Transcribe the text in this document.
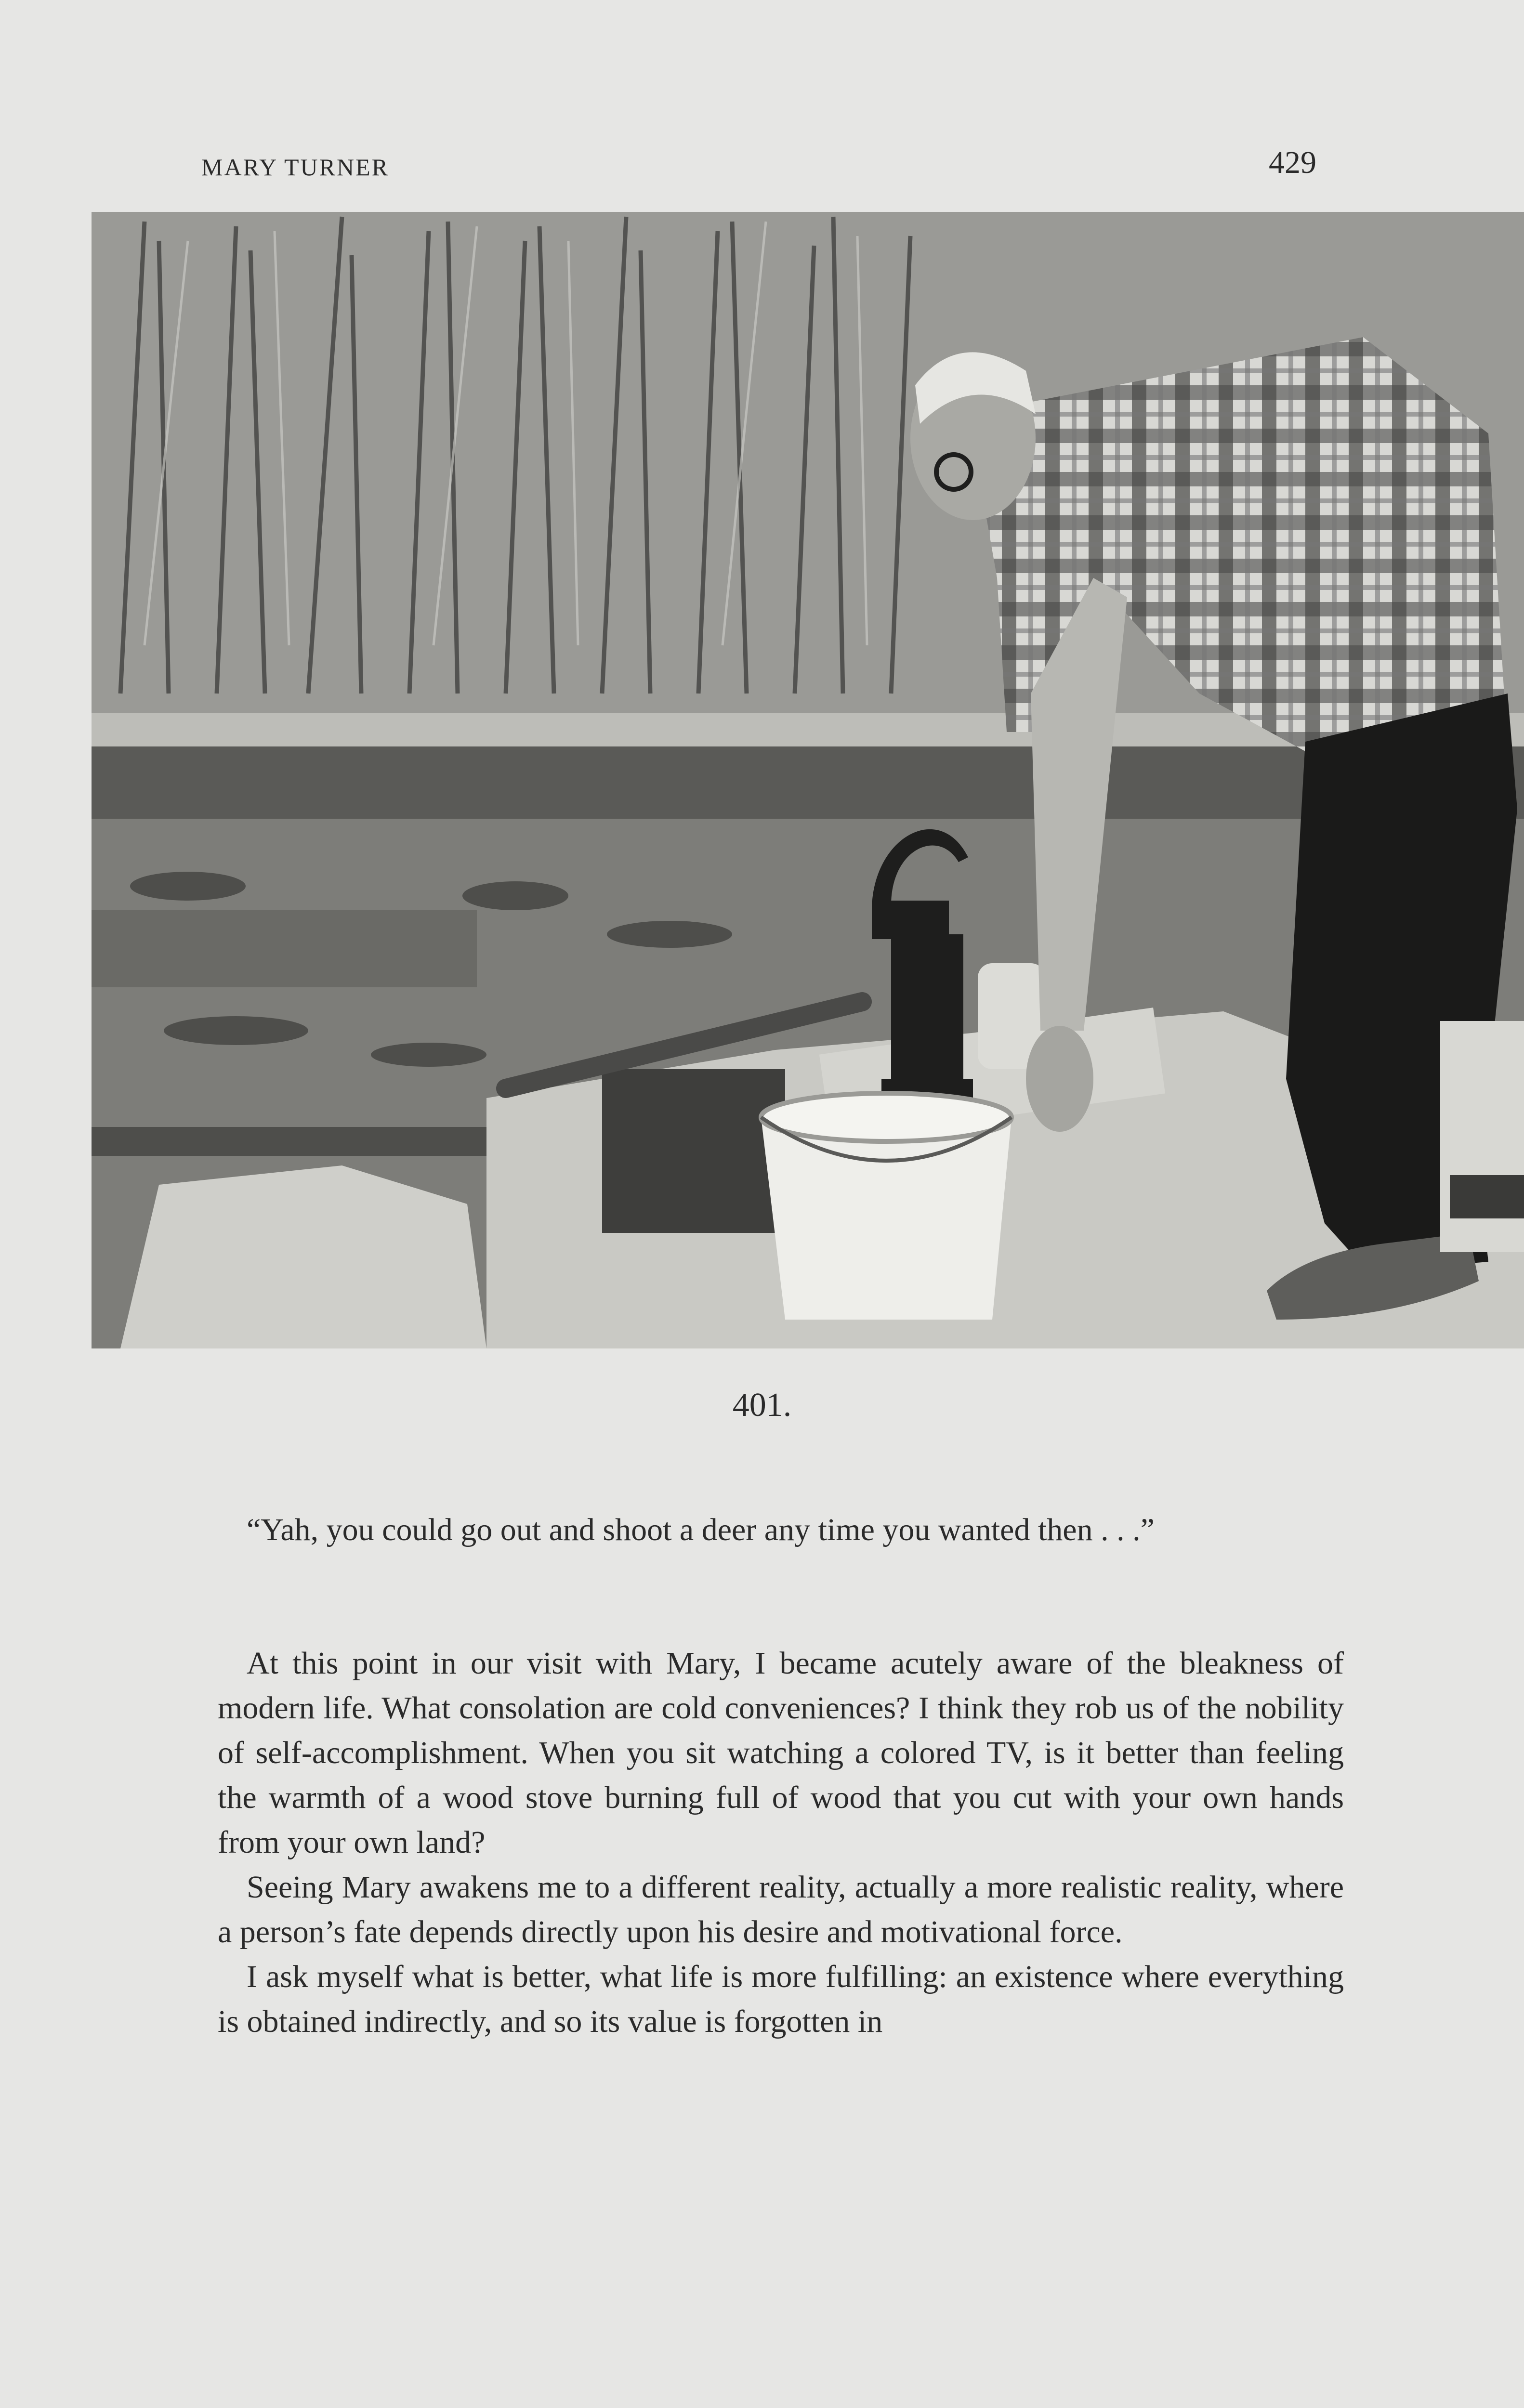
MARY TURNER	429
401.

“Yah, you could go out and shoot a deer any time you wanted then . . .”

At this point in our visit with Mary, I became acutely aware of the bleakness of modern life. What consolation are cold conveniences? I think they rob us of the nobility of self-accomplishment. When you sit watching a colored TV, is it better than feeling the warmth of a wood stove burning full of wood that you cut with your own hands from your own land?

Seeing Mary awakens me to a different reality, actually a more realistic reality, where a person’s fate depends directly upon his desire and motivational force.

I ask myself what is better, what life is more fulfilling: an existence where everything is obtained indirectly, and so its value is forgotten in
